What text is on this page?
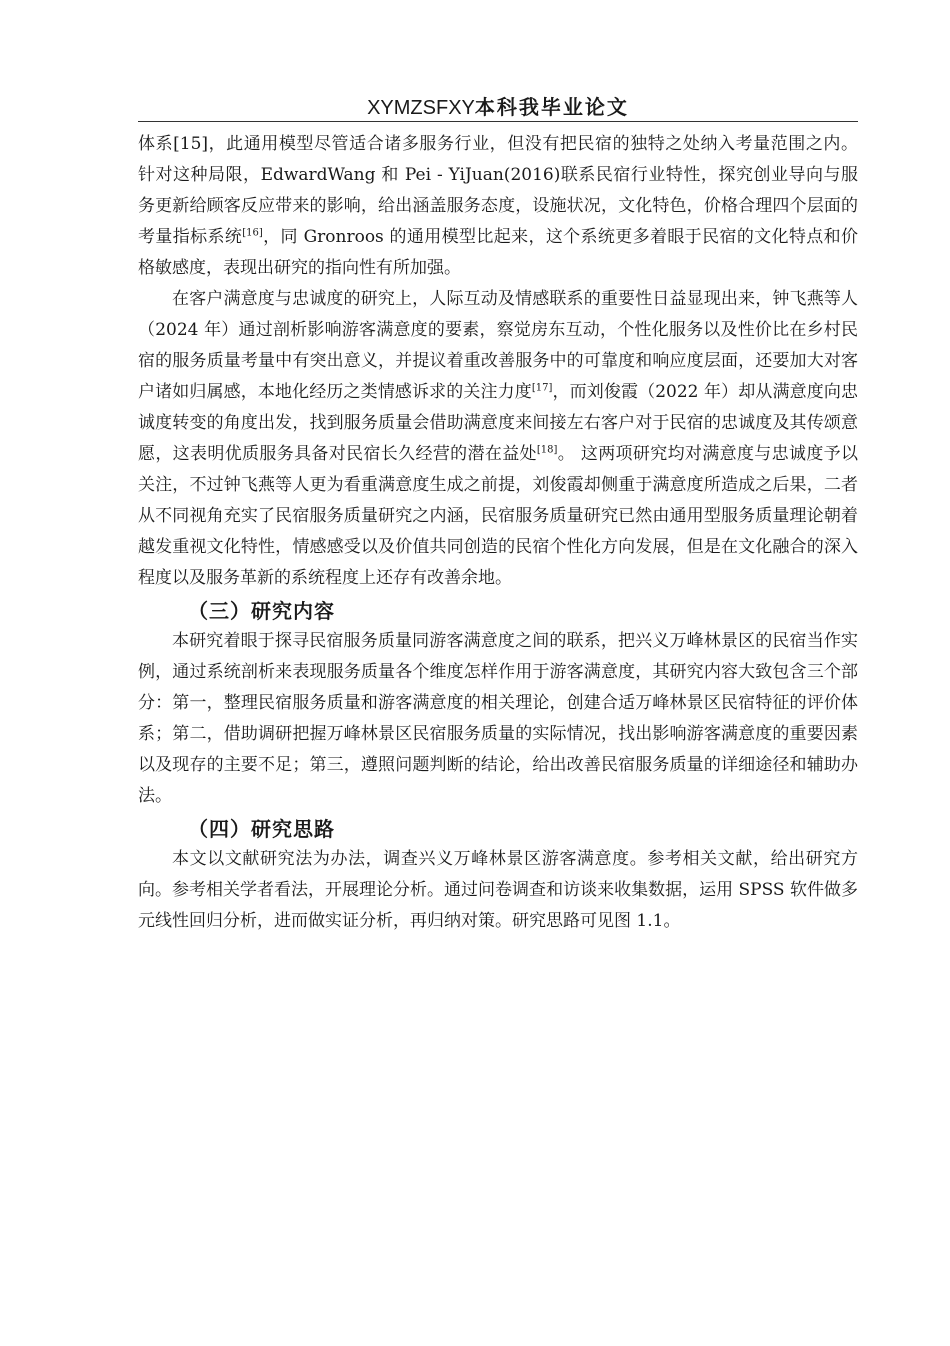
XYMZSFXY本科我毕业论文

体系[15]，此通用模型尽管适合诸多服务行业，但没有把民宿的独特之处纳入考量范围之内。 针对这种局限，EdwardWang 和 Pei - YiJuan(2016)联系民宿行业特性，探究创业导向与服务更新给顾客反应带来的影响，给出涵盖服务态度，设施状况，文化特色，价格合理四个层面的考量指标系统[16]，同 Gronroos 的通用模型比起来，这个系统更多着眼于民宿的文化特点和价格敏感度，表现出研究的指向性有所加强。

在客户满意度与忠诚度的研究上，人际互动及情感联系的重要性日益显现出来，钟飞燕等人（2024 年）通过剖析影响游客满意度的要素，察觉房东互动，个性化服务以及性价比在乡村民宿的服务质量考量中有突出意义，并提议着重改善服务中的可靠度和响应度层面，还要加大对客户诸如归属感，本地化经历之类情感诉求的关注力度[17]，而刘俊霞（2022 年）却从满意度向忠诚度转变的角度出发，找到服务质量会借助满意度来间接左右客户对于民宿的忠诚度及其传颂意愿，这表明优质服务具备对民宿长久经营的潜在益处[18]。 这两项研究均对满意度与忠诚度予以关注，不过钟飞燕等人更为看重满意度生成之前提，刘俊霞却侧重于满意度所造成之后果，二者从不同视角充实了民宿服务质量研究之内涵，民宿服务质量研究已然由通用型服务质量理论朝着越发重视文化特性，情感感受以及价值共同创造的民宿个性化方向发展，但是在文化融合的深入程度以及服务革新的系统程度上还存有改善余地。

（三）研究内容

本研究着眼于探寻民宿服务质量同游客满意度之间的联系，把兴义万峰林景区的民宿当作实例，通过系统剖析来表现服务质量各个维度怎样作用于游客满意度，其研究内容大致包含三个部分：第一，整理民宿服务质量和游客满意度的相关理论，创建合适万峰林景区民宿特征的评价体系；第二，借助调研把握万峰林景区民宿服务质量的实际情况，找出影响游客满意度的重要因素以及现存的主要不足；第三，遵照问题判断的结论，给出改善民宿服务质量的详细途径和辅助办法。

（四）研究思路

本文以文献研究法为办法，调查兴义万峰林景区游客满意度。参考相关文献，给出研究方向。参考相关学者看法，开展理论分析。通过问卷调查和访谈来收集数据，运用 SPSS 软件做多元线性回归分析，进而做实证分析，再归纳对策。研究思路可见图 1.1。
